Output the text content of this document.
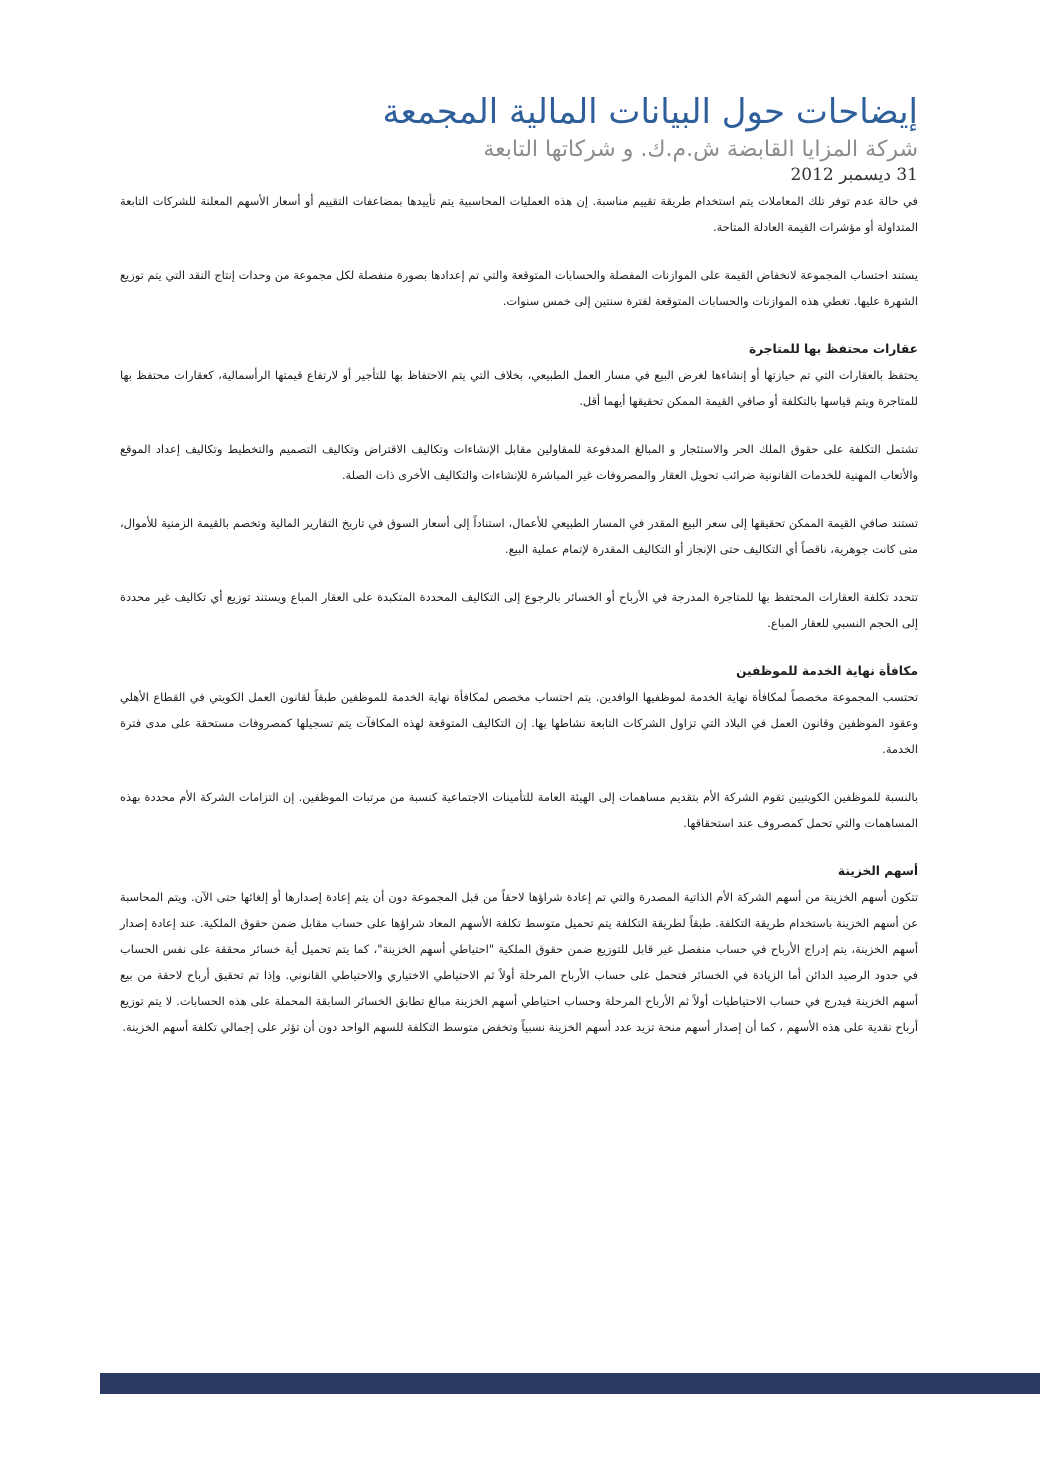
إيضاحات حول البيانات المالية المجمعة

شركة المزايا القابضة ش.م.ك. و شركاتها التابعة

31 ديسمبر 2012

في حالة عدم توفر تلك المعاملات يتم استخدام طريقة تقييم مناسبة. إن هذه العمليات المحاسبية يتم تأييدها بمضاعفات التقييم أو أسعار الأسهم المعلنة للشركات التابعة المتداولة أو مؤشرات القيمة العادلة المتاحة.

يستند احتساب المجموعة لانخفاض القيمة على الموازنات المفصلة والحسابات المتوقعة والتي تم إعدادها بصورة منفصلة لكل مجموعة من وحدات إنتاج النقد التي يتم توزيع الشهرة عليها. تغطي هذه الموازنات والحسابات المتوقعة لفترة سنتين إلى خمس سنوات.

عقارات محتفظ بها للمتاجرة

يحتفظ بالعقارات التي تم حيازتها أو إنشاءها لغرض البيع في مسار العمل الطبيعي، بخلاف التي يتم الاحتفاظ بها للتأجير أو لارتفاع قيمتها الرأسمالية، كعقارات محتفظ بها للمتاجرة ويتم قياسها بالتكلفة أو صافي القيمة الممكن تحقيقها أيهما أقل.

تشتمل التكلفة على حقوق الملك الحر والاستئجار و المبالغ المدفوعة للمقاولين مقابل الإنشاءات وتكاليف الاقتراض وتكاليف التصميم والتخطيط وتكاليف إعداد الموقع والأتعاب المهنية للخدمات القانونية ضرائب تحويل العقار والمصروفات غير المباشرة للإنشاءات والتكاليف الأخرى ذات الصلة.

تستند صافي القيمة الممكن تحقيقها إلى سعر البيع المقدر في المسار الطبيعي للأعمال، استناداً إلى أسعار السوق في تاريخ التقارير المالية وتخصم بالقيمة الزمنية للأموال، متى كانت جوهرية، ناقصاً أي التكاليف حتى الإنجاز أو التكاليف المقدرة لإتمام عملية البيع.

تتحدد تكلفة العقارات المحتفظ بها للمتاجرة المدرجة في الأرباح أو الخسائر بالرجوع إلى التكاليف المحددة المتكبدة على العقار المباع ويستند توزيع أي تكاليف غير محددة إلى الحجم النسبي للعقار المباع.

مكافأة نهاية الخدمة للموظفين

تحتسب المجموعة مخصصاً لمكافأة نهاية الخدمة لموظفيها الوافدين. يتم احتساب مخصص لمكافأة نهاية الخدمة للموظفين طبقاً لقانون العمل الكويتي في القطاع الأهلي وعقود الموظفين وقانون العمل في البلاد التي تزاول الشركات التابعة نشاطها بها. إن التكاليف المتوقعة لهذه المكافآت يتم تسجيلها كمصروفات مستحقة على مدى فترة الخدمة.

بالنسبة للموظفين الكويتيين تقوم الشركة الأم بتقديم مساهمات إلى الهيئة العامة للتأمينات الاجتماعية كنسبة من مرتبات الموظفين. إن التزامات الشركة الأم محددة بهذه المساهمات والتي تحمل كمصروف عند استحقاقها.

أسهم الخزينة

تتكون أسهم الخزينة من أسهم الشركة الأم الذاتية المصدرة والتي تم إعادة شراؤها لاحقاً من قبل المجموعة دون أن يتم إعادة إصدارها أو إلغائها حتى الآن. ويتم المحاسبة عن أسهم الخزينة باستخدام طريقة التكلفة. طبقاً لطريقة التكلفة يتم تحميل متوسط تكلفة الأسهم المعاد شراؤها على حساب مقابل ضمن حقوق الملكية. عند إعادة إصدار أسهم الخزينة، يتم إدراج الأرباح في حساب منفصل غير قابل للتوزيع ضمن حقوق الملكية "احتياطي أسهم الخزينة"، كما يتم تحميل أية خسائر محققة على نفس الحساب في حدود الرصيد الدائن أما الزيادة في الخسائر فتحمل على حساب الأرباح المرحلة أولاً ثم الاحتياطي الاختياري والاحتياطي القانوني. وإذا تم تحقيق أرباح لاحقة من بيع أسهم الخزينة فيدرج في حساب الاحتياطيات أولاً ثم الأرباح المرحلة وحساب احتياطي أسهم الخزينة مبالغ تطابق الخسائر السابقة المحملة على هذه الحسابات. لا يتم توزيع أرباح نقدية على هذه الأسهم ، كما أن إصدار أسهم منحة تزيد عدد أسهم الخزينة نسبياً وتخفض متوسط التكلفة للسهم الواحد دون أن تؤثر على إجمالي تكلفة أسهم الخزينة.
